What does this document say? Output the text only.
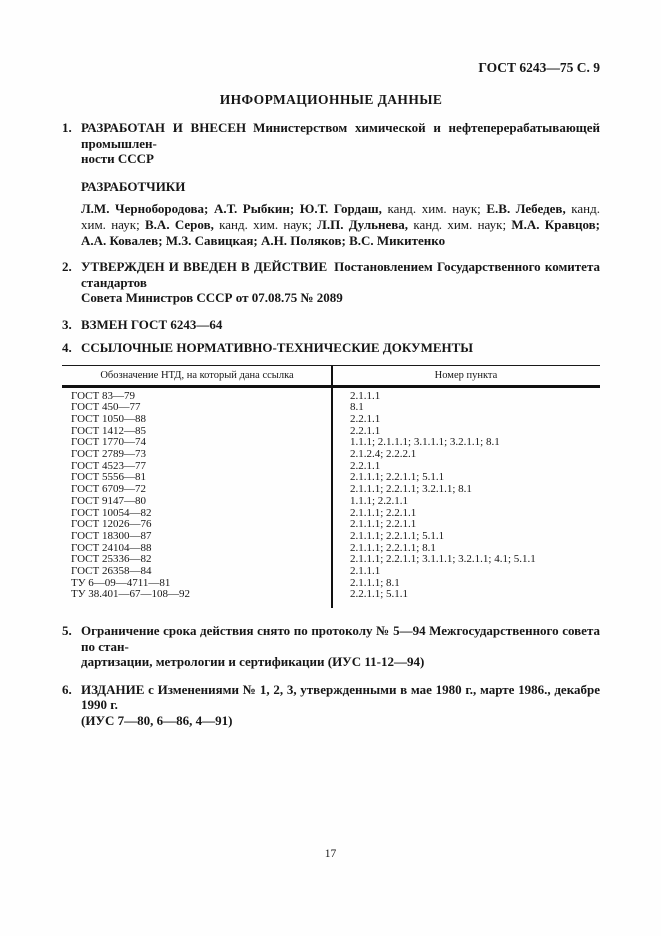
ГОСТ 6243—75 С. 9
ИНФОРМАЦИОННЫЕ ДАННЫЕ
1. РАЗРАБОТАН И ВНЕСЕН Министерством химической и нефтеперерабатывающей промышлен-
ности СССР
РАЗРАБОТЧИКИ
Л.М. Чернобородова; А.Т. Рыбкин; Ю.Т. Гордаш, канд. хим. наук; Е.В. Лебедев, канд. хим. наук; В.А. Серов, канд. хим. наук; Л.П. Дульнева, канд. хим. наук; М.А. Кравцов; А.А. Ковалев; М.З. Савицкая; А.Н. Поляков; В.С. Микитенко
2. УТВЕРЖДЕН И ВВЕДЕН В ДЕЙСТВИЕ Постановлением Государственного комитета стандартов
Совета Министров СССР от 07.08.75 № 2089
3. ВЗМЕН ГОСТ 6243—64
4. ССЫЛОЧНЫЕ НОРМАТИВНО-ТЕХНИЧЕСКИЕ ДОКУМЕНТЫ
Обозначение НТД, на который дана ссылка	Номер пункта
ГОСТ 83—79	2.1.1.1
ГОСТ 450—77	8.1
ГОСТ 1050—88	2.2.1.1
ГОСТ 1412—85	2.2.1.1
ГОСТ 1770—74	1.1.1; 2.1.1.1; 3.1.1.1; 3.2.1.1; 8.1
ГОСТ 2789—73	2.1.2.4; 2.2.2.1
ГОСТ 4523—77	2.2.1.1
ГОСТ 5556—81	2.1.1.1; 2.2.1.1; 5.1.1
ГОСТ 6709—72	2.1.1.1; 2.2.1.1; 3.2.1.1; 8.1
ГОСТ 9147—80	1.1.1; 2.2.1.1
ГОСТ 10054—82	2.1.1.1; 2.2.1.1
ГОСТ 12026—76	2.1.1.1; 2.2.1.1
ГОСТ 18300—87	2.1.1.1; 2.2.1.1; 5.1.1
ГОСТ 24104—88	2.1.1.1; 2.2.1.1; 8.1
ГОСТ 25336—82	2.1.1.1; 2.2.1.1; 3.1.1.1; 3.2.1.1; 4.1; 5.1.1
ГОСТ 26358—84	2.1.1.1
ТУ 6—09—4711—81	2.1.1.1; 8.1
ТУ 38.401—67—108—92	2.2.1.1; 5.1.1
5. Ограничение срока действия снято по протоколу № 5—94 Межгосударственного совета по стан-
дартизации, метрологии и сертификации (ИУС 11-12—94)
6. ИЗДАНИЕ с Изменениями № 1, 2, 3, утвержденными в мае 1980 г., марте 1986., декабре 1990 г.
(ИУС 7—80, 6—86, 4—91)
17
